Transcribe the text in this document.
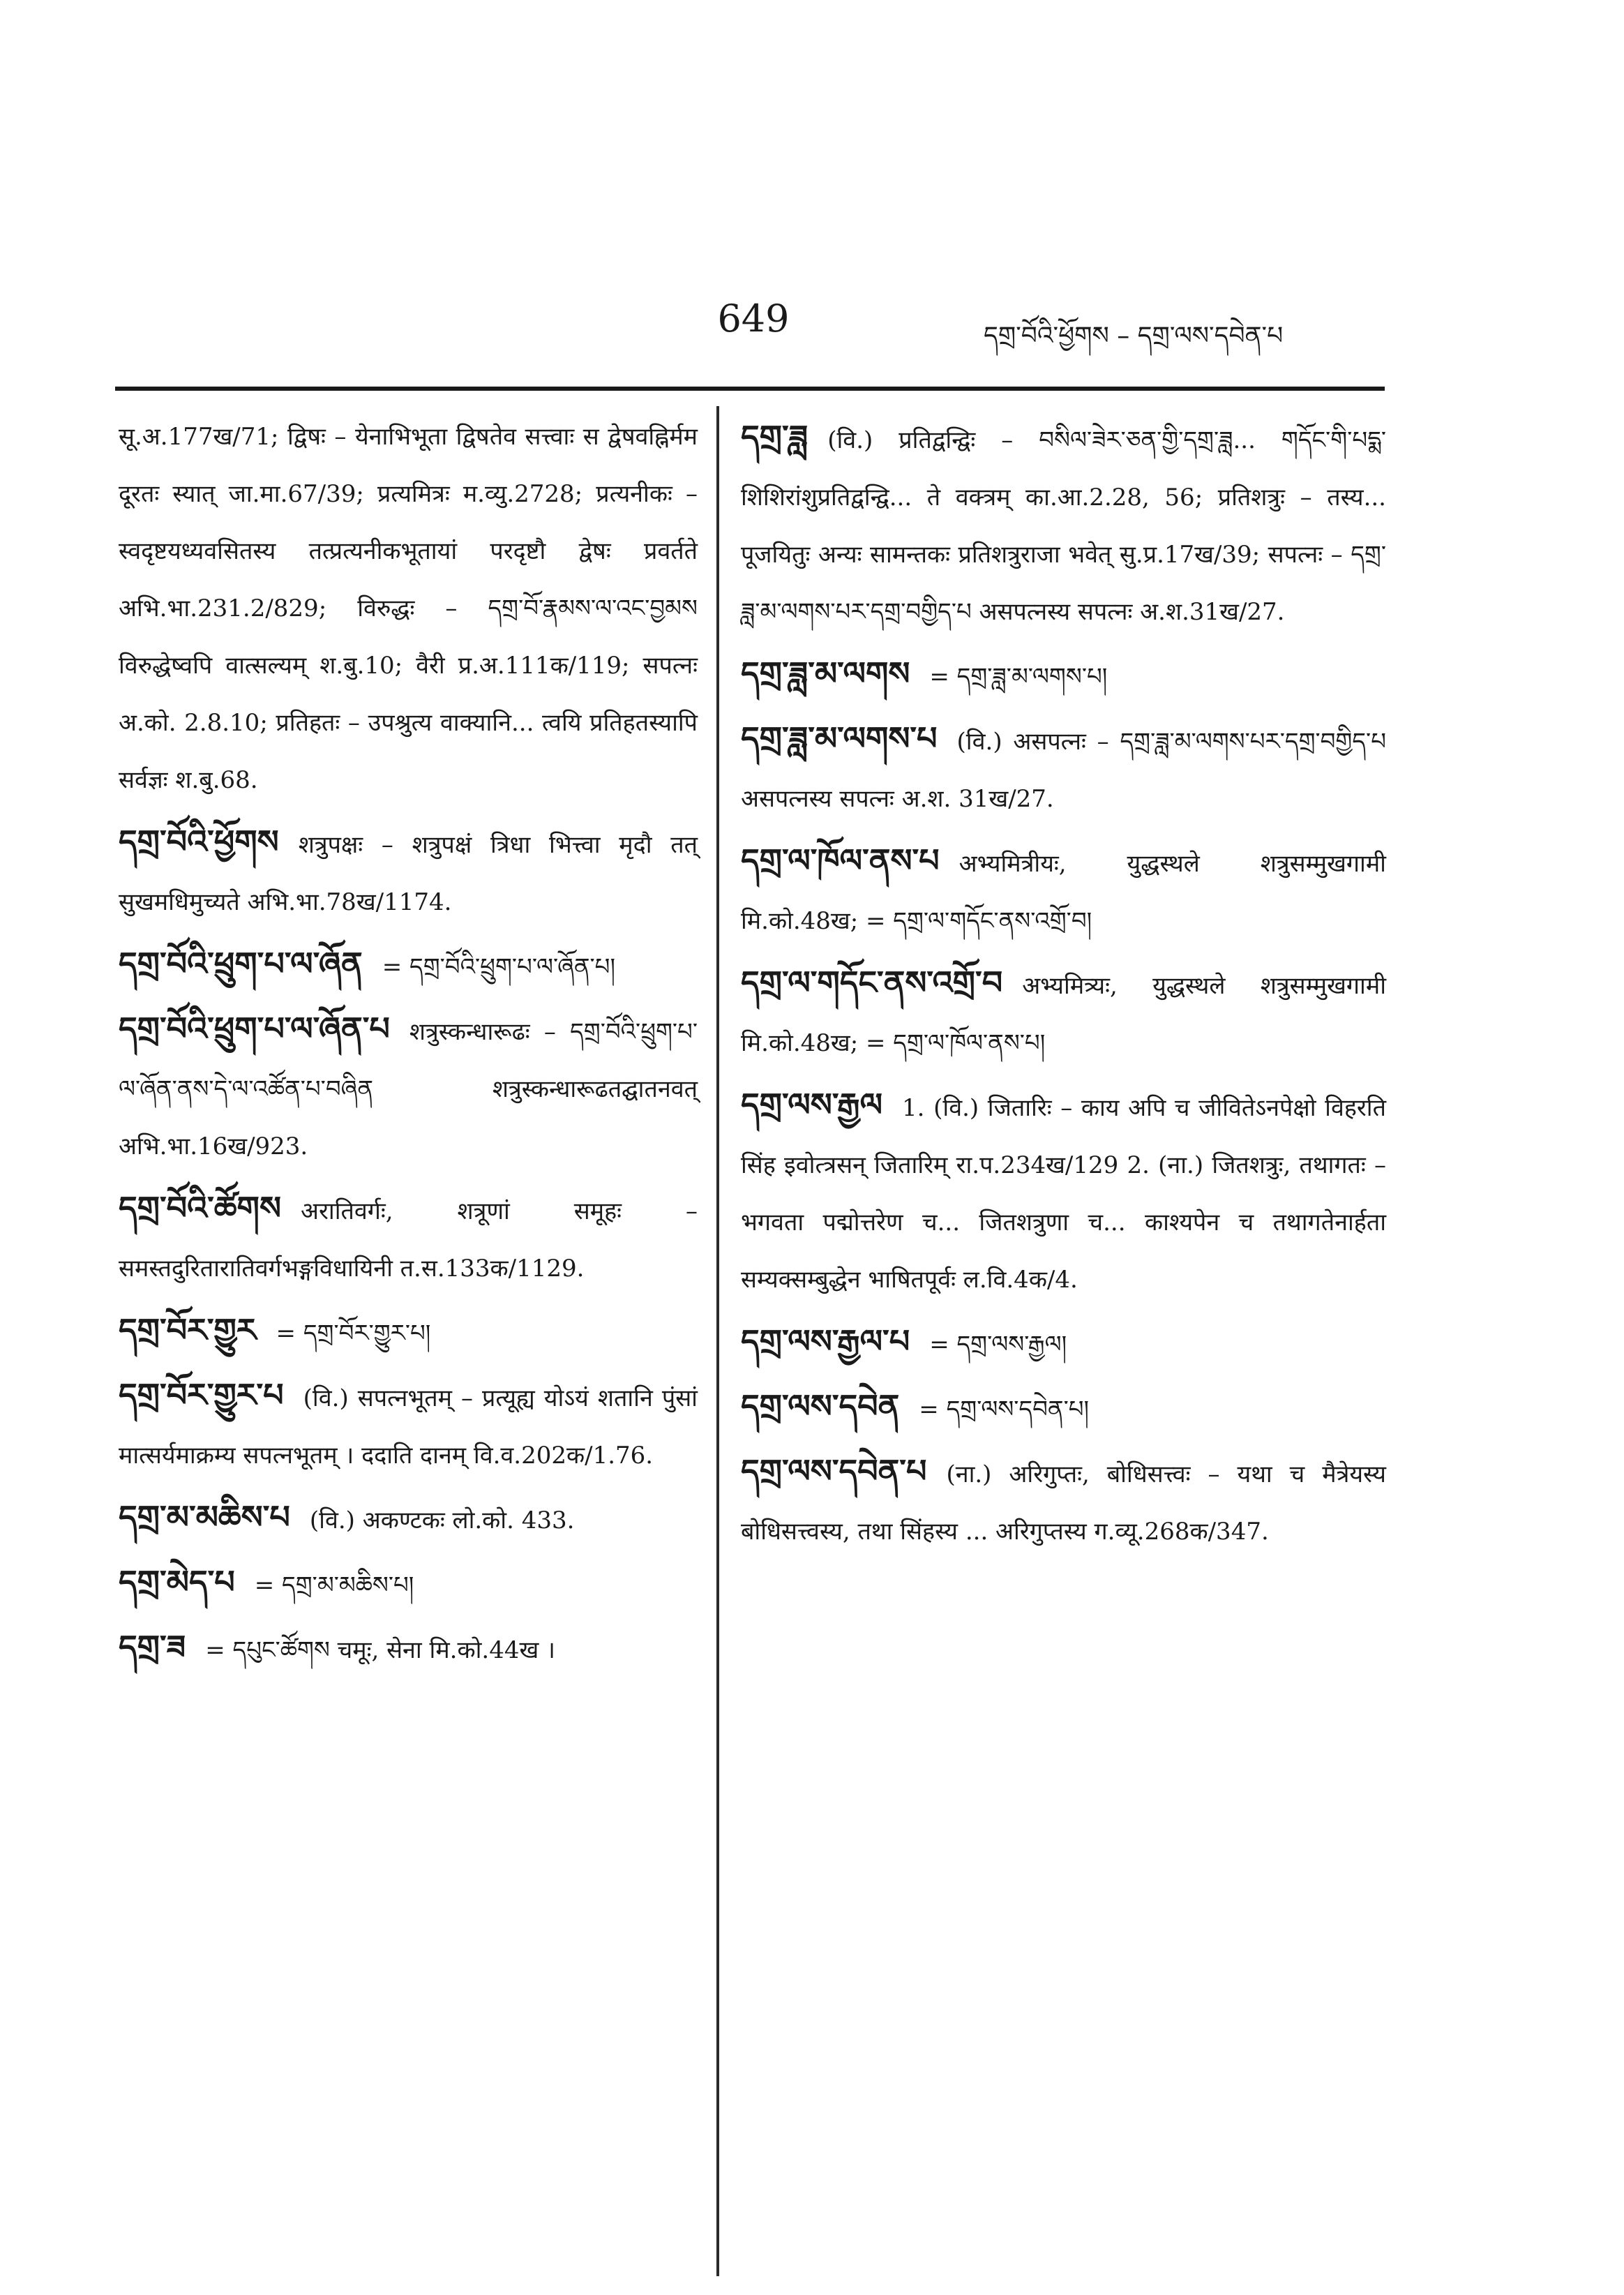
649	དགྲ་བོའི་ཕྱོགས – དགྲ་ལས་དབེན་པ

सू.अ.177ख/71; द्विषः – येनाभिभूता द्विषतेव सत्त्वाः स द्वेषवह्निर्मम दूरतः स्यात् जा.मा.67/39; प्रत्यमित्रः म.व्यु.2728; प्रत्यनीकः – स्वदृष्टयध्यवसितस्य तत्प्रत्यनीकभूतायां परदृष्टौ द्वेषः प्रवर्तते अभि.भा.231.2/829; विरुद्धः – དགྲ་བོ་རྣམས་ལ་འང་བྱམས विरुद्धेष्वपि वात्सल्यम् श.बु.10; वैरी प्र.अ.111क/119; सपत्नः अ.को. 2.8.10; प्रतिहतः – उपश्रुत्य वाक्यानि... त्वयि प्रतिहतस्यापि सर्वज्ञः श.बु.68.

དགྲ་བོའི་ཕྱོགས शत्रुपक्षः – शत्रुपक्षं त्रिधा भित्त्वा मृदौ तत् सुखमधिमुच्यते अभि.भा.78ख/1174.

དགྲ་བོའི་ཕྲུག་པ་ལ་ཞོན = དགྲ་བོའི་ཕྲུག་པ་ལ་ཞོན་པ།

དགྲ་བོའི་ཕྲུག་པ་ལ་ཞོན་པ शत्रुस्कन्धारूढः – དགྲ་བོའི་ཕྲུག་པ་ལ་ཞོན་ནས་དེ་ལ་འཚོན་པ་བཞིན शत्रुस्कन्धारूढतद्घातनवत् अभि.भा.16ख/923.

དགྲ་བོའི་ཚོགས अरातिवर्गः, शत्रूणां समूहः – समस्तदुरितारातिवर्गभङ्गविधायिनी त.स.133क/1129.

དགྲ་བོར་གྱུར = དགྲ་བོར་གྱུར་པ།

དགྲ་བོར་གྱུར་པ (वि.) सपत्नभूतम् – प्रत्यूह्य योऽयं शतानि पुंसां मात्सर्यमाक्रम्य सपत्नभूतम् । ददाति दानम् वि.व.202क/1.76.

དགྲ་མ་མཆིས་པ (वि.) अकण्टकः लो.को. 433.

དགྲ་མེད་པ = དགྲ་མ་མཆིས་པ།

དགྲ་ཟ = དཔུང་ཚོགས चमूः, सेना मि.को.44ख ।

དགྲ་ཟླ (वि.) प्रतिद्वन्द्विः – བསིལ་ཟེར་ཅན་གྱི་དགྲ་ཟླ... གདོང་གི་པདྨ་ शिशिरांशुप्रतिद्वन्द्वि... ते वक्त्रम् का.आ.2.28, 56; प्रतिशत्रुः – तस्य... पूजयितुः अन्यः सामन्तकः प्रतिशत्रुराजा भवेत् सु.प्र.17ख/39; सपत्नः – དགྲ་ཟླ་མ་ལགས་པར་དགྲ་བགྱིད་པ असपत्नस्य सपत्नः अ.श.31ख/27.

དགྲ་ཟླ་མ་ལགས = དགྲ་ཟླ་མ་ལགས་པ།

དགྲ་ཟླ་མ་ལགས་པ (वि.) असपत्नः – དགྲ་ཟླ་མ་ལགས་པར་དགྲ་བགྱིད་པ असपत्नस्य सपत्नः अ.श. 31ख/27.

དགྲ་ལ་ཁོལ་ནས་པ अभ्यमित्रीयः, युद्धस्थले शत्रुसम्मुखगामी मि.को.48ख; = དགྲ་ལ་གདོང་ནས་འགྲོ་བ།

དགྲ་ལ་གདོང་ནས་འགྲོ་བ अभ्यमित्र्यः, युद्धस्थले शत्रुसम्मुखगामी मि.को.48ख; = དགྲ་ལ་ཁོལ་ནས་པ།

དགྲ་ལས་རྒྱལ 1. (वि.) जितारिः – काय अपि च जीवितेऽनपेक्षो विहरति सिंह इवोत्त्रसन् जितारिम् रा.प.234ख/129 2. (ना.) जितशत्रुः, तथागतः – भगवता पद्मोत्तरेण च... जितशत्रुणा च... काश्यपेन च तथागतेनार्हता सम्यक्सम्बुद्धेन भाषितपूर्वः ल.वि.4क/4.

དགྲ་ལས་རྒྱལ་པ = དགྲ་ལས་རྒྱལ།

དགྲ་ལས་དབེན = དགྲ་ལས་དབེན་པ།

དགྲ་ལས་དབེན་པ (ना.) अरिगुप्तः, बोधिसत्त्वः – यथा च मैत्रेयस्य बोधिसत्त्वस्य, तथा सिंहस्य ... अरिगुप्तस्य ग.व्यू.268क/347.
